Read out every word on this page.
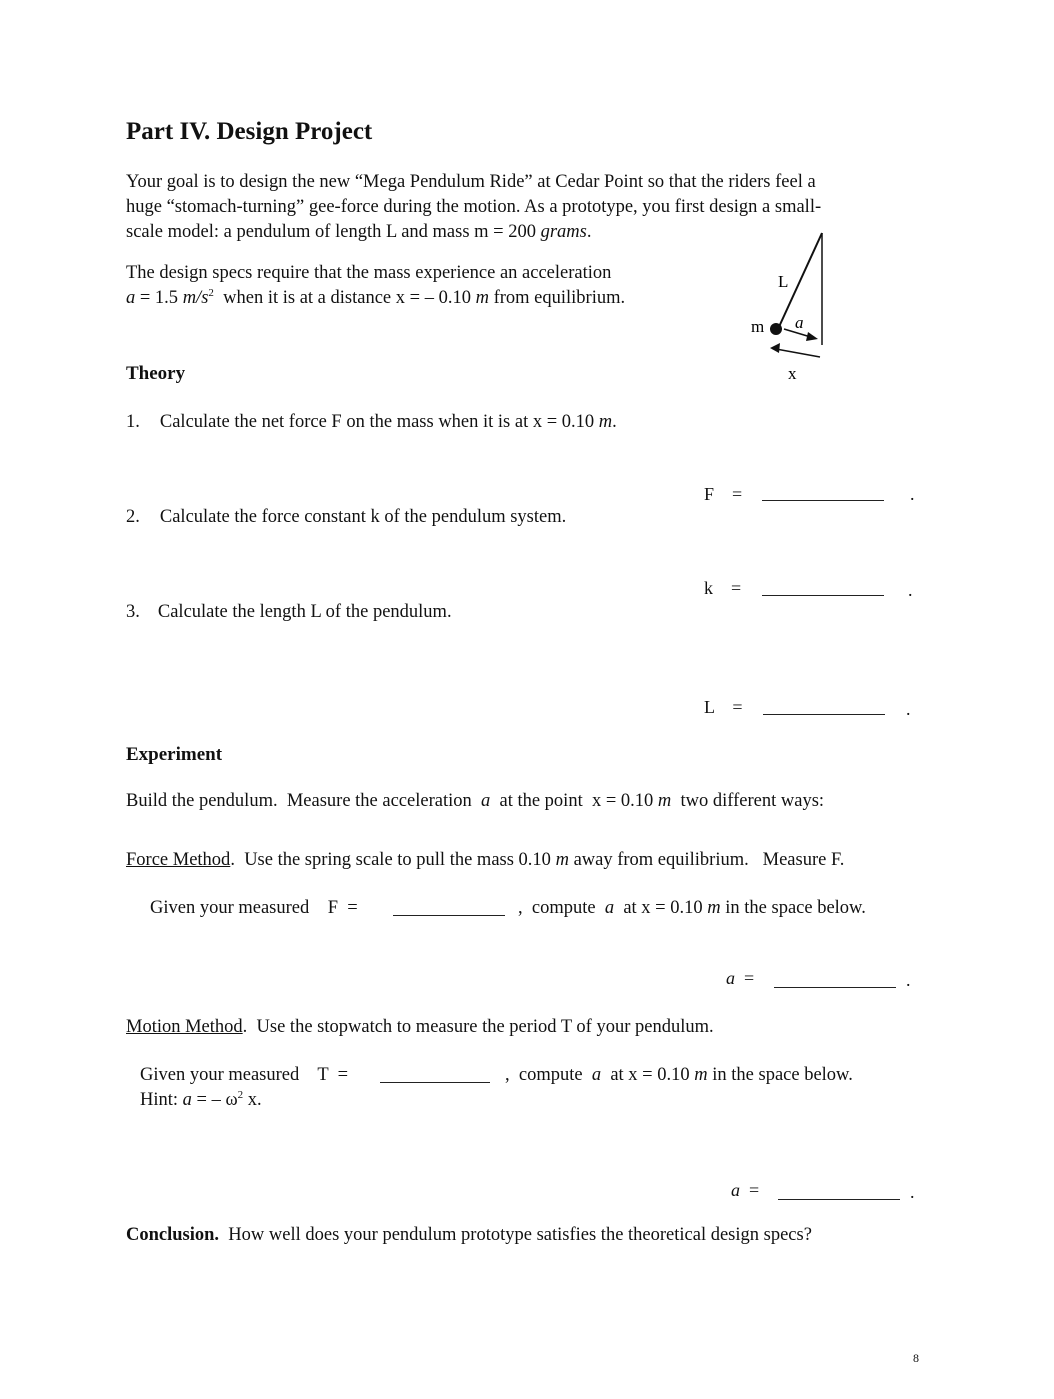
Part IV. Design Project
Your goal is to design the new “Mega Pendulum Ride” at Cedar Point so that the riders feel a
huge “stomach-turning” gee-force during the motion. As a prototype, you first design a small-
scale model: a pendulum of length L and mass m = 200 grams.
The design specs require that the mass experience an acceleration
a = 1.5 $m/s^2$  when it is at a distance x = – 0.10 m from equilibrium.
L
m a
x
Theory
1. Calculate the net force F on the mass when it is at x = 0.10 m.
F    =	.
2. Calculate the force constant k of the pendulum system.
k    =	.
3. Calculate the length L of the pendulum.
L    =	.
Experiment
Build the pendulum.  Measure the acceleration  a  at the point  x = 0.10 m  two different ways:
Force Method.  Use the spring scale to pull the mass 0.10 m away from equilibrium.   Measure F.
Given your measured    F  =	,  compute  a  at x = 0.10 m in the space below.
a  =	.
Motion Method.  Use the stopwatch to measure the period T of your pendulum.
Given your measured    T  =	,  compute  a  at x = 0.10 m in the space below.
Hint: a = – $\omega^2$ x.
a  =	.
Conclusion.  How well does your pendulum prototype satisfies the theoretical design specs?
8
